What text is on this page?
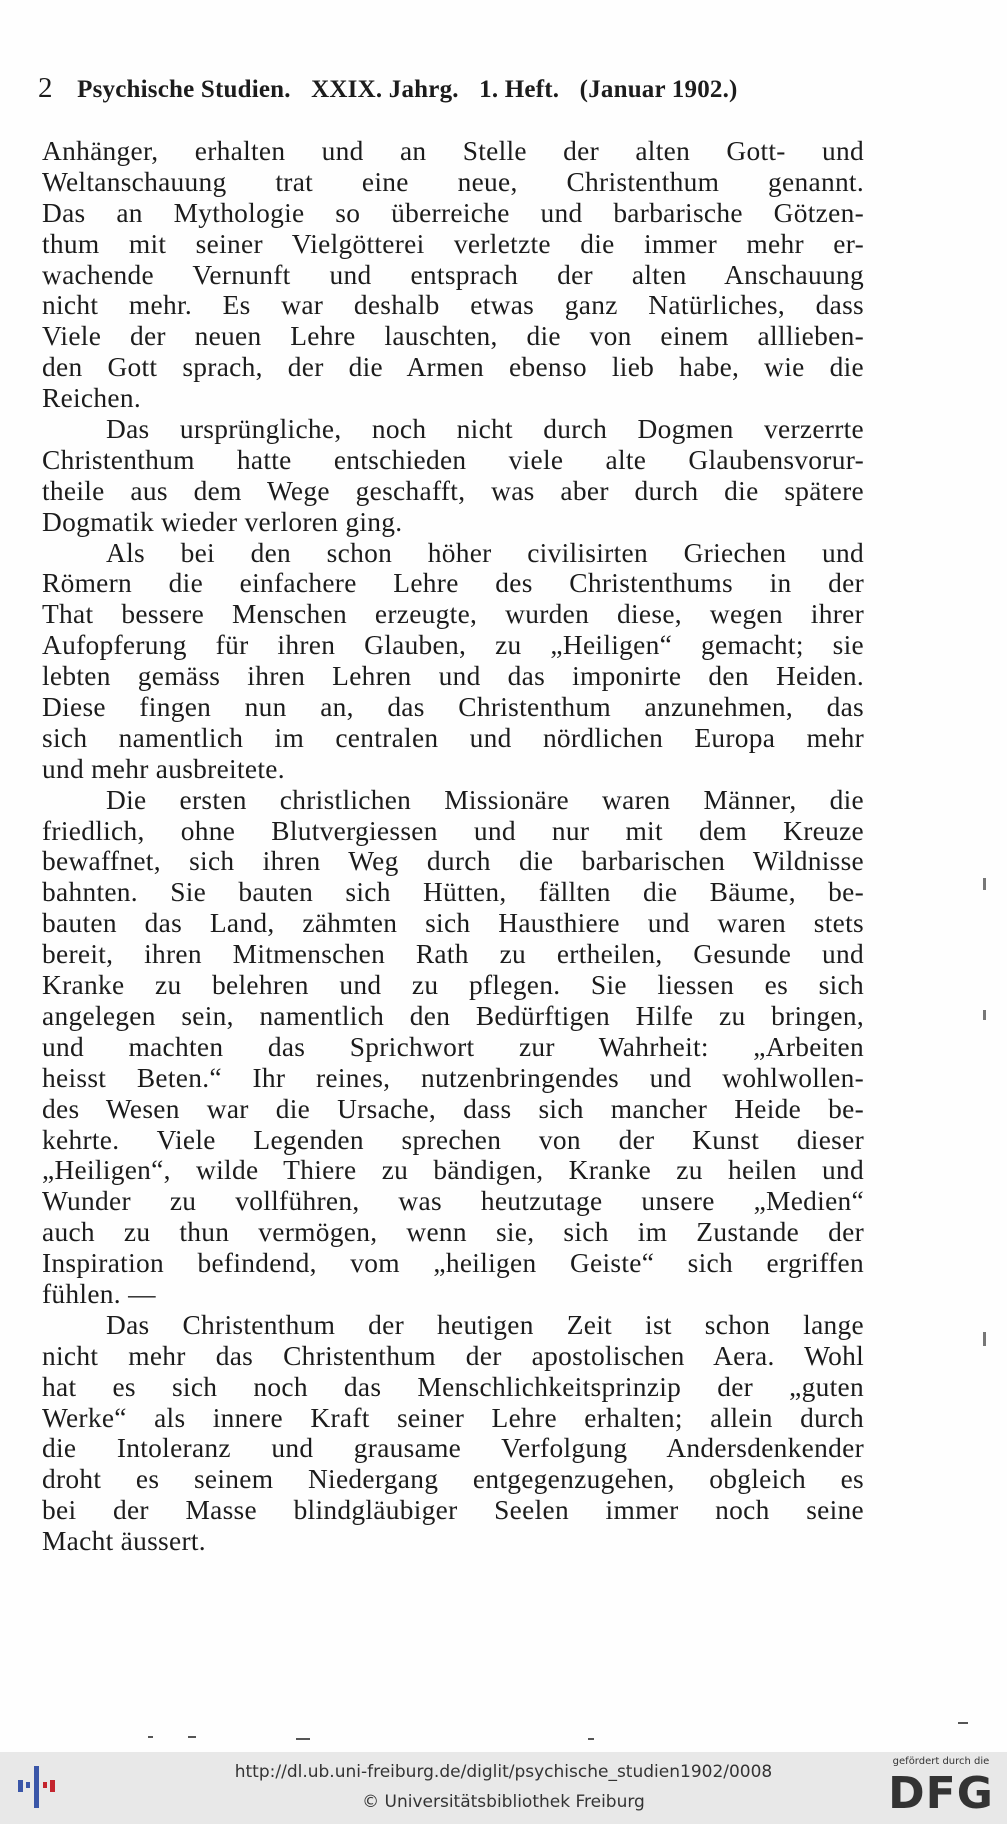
2 Psychische Studien. XXIX. Jahrg. 1. Heft. (Januar 1902.)
Anhänger, erhalten und an Stelle der alten Gott- und
Weltanschauung trat eine neue, Christenthum genannt.
Das an Mythologie so überreiche und barbarische Götzen-
thum mit seiner Vielgötterei verletzte die immer mehr er-
wachende Vernunft und entsprach der alten Anschauung
nicht mehr. Es war deshalb etwas ganz Natürliches, dass
Viele der neuen Lehre lauschten, die von einem alllieben-
den Gott sprach, der die Armen ebenso lieb habe, wie die
Reichen.
Das ursprüngliche, noch nicht durch Dogmen verzerrte
Christenthum hatte entschieden viele alte Glaubensvorur-
theile aus dem Wege geschafft, was aber durch die spätere
Dogmatik wieder verloren ging.
Als bei den schon höher civilisirten Griechen und
Römern die einfachere Lehre des Christenthums in der
That bessere Menschen erzeugte, wurden diese, wegen ihrer
Aufopferung für ihren Glauben, zu „Heiligen“ gemacht; sie
lebten gemäss ihren Lehren und das imponirte den Heiden.
Diese fingen nun an, das Christenthum anzunehmen, das
sich namentlich im centralen und nördlichen Europa mehr
und mehr ausbreitete.
Die ersten christlichen Missionäre waren Männer, die
friedlich, ohne Blutvergiessen und nur mit dem Kreuze
bewaffnet, sich ihren Weg durch die barbarischen Wildnisse
bahnten. Sie bauten sich Hütten, fällten die Bäume, be-
bauten das Land, zähmten sich Hausthiere und waren stets
bereit, ihren Mitmenschen Rath zu ertheilen, Gesunde und
Kranke zu belehren und zu pflegen. Sie liessen es sich
angelegen sein, namentlich den Bedürftigen Hilfe zu bringen,
und machten das Sprichwort zur Wahrheit: „Arbeiten
heisst Beten.“ Ihr reines, nutzenbringendes und wohlwollen-
des Wesen war die Ursache, dass sich mancher Heide be-
kehrte. Viele Legenden sprechen von der Kunst dieser
„Heiligen“, wilde Thiere zu bändigen, Kranke zu heilen und
Wunder zu vollführen, was heutzutage unsere „Medien“
auch zu thun vermögen, wenn sie, sich im Zustande der
Inspiration befindend, vom „heiligen Geiste“ sich ergriffen
fühlen. —
Das Christenthum der heutigen Zeit ist schon lange
nicht mehr das Christenthum der apostolischen Aera. Wohl
hat es sich noch das Menschlichkeitsprinzip der „guten
Werke“ als innere Kraft seiner Lehre erhalten; allein durch
die Intoleranz und grausame Verfolgung Andersdenkender
droht es seinem Niedergang entgegenzugehen, obgleich es
bei der Masse blindgläubiger Seelen immer noch seine
Macht äussert.
http://dl.ub.uni-freiburg.de/diglit/psychische_studien1902/0008
© Universitätsbibliothek Freiburg
gefördert durch die
DFG
